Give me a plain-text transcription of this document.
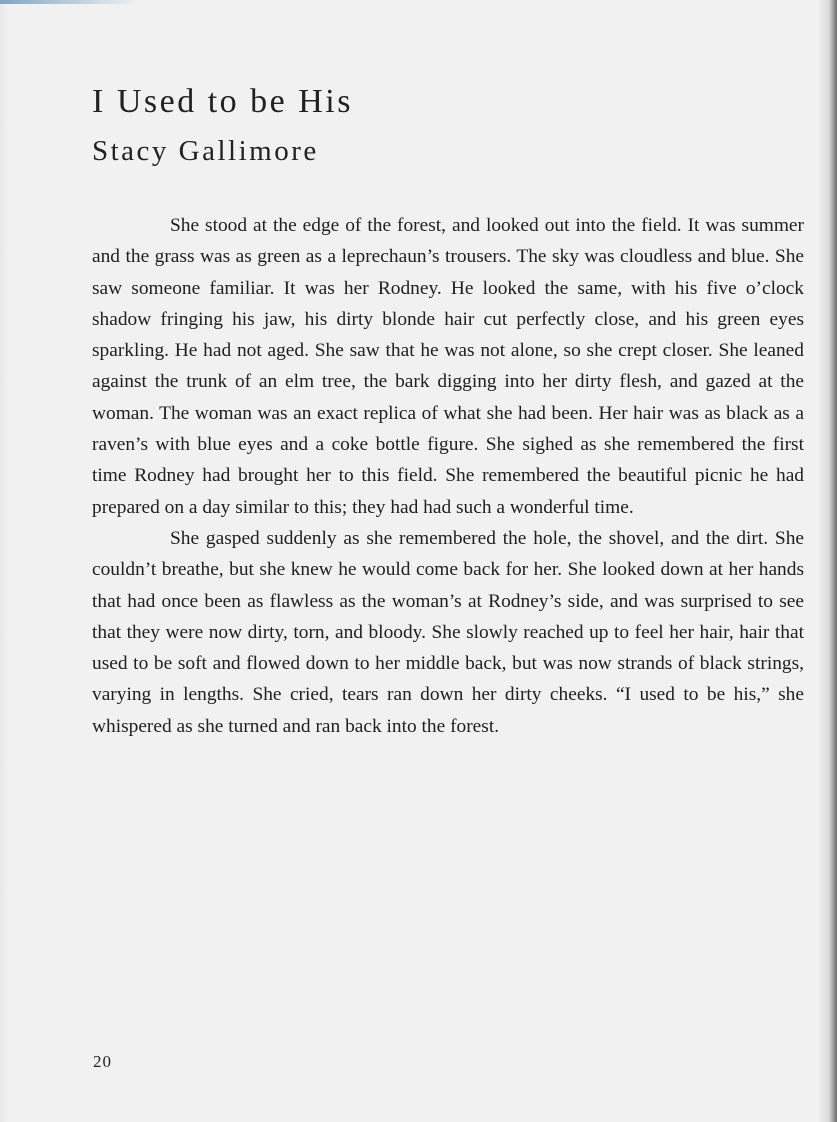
I Used to be His
Stacy Gallimore

She stood at the edge of the forest, and looked out into the field. It was summer and the grass was as green as a leprechaun’s trousers. The sky was cloudless and blue. She saw someone familiar. It was her Rodney. He looked the same, with his five o’clock shadow fringing his jaw, his dirty blonde hair cut perfectly close, and his green eyes sparkling. He had not aged. She saw that he was not alone, so she crept closer. She leaned against the trunk of an elm tree, the bark digging into her dirty flesh, and gazed at the woman. The woman was an exact replica of what she had been. Her hair was as black as a raven’s with blue eyes and a coke bottle figure. She sighed as she remembered the first time Rodney had brought her to this field. She remembered the beautiful picnic he had prepared on a day similar to this; they had had such a wonderful time.

She gasped suddenly as she remembered the hole, the shovel, and the dirt. She couldn’t breathe, but she knew he would come back for her. She looked down at her hands that had once been as flawless as the woman’s at Rodney’s side, and was surprised to see that they were now dirty, torn, and bloody. She slowly reached up to feel her hair, hair that used to be soft and flowed down to her middle back, but was now strands of black strings, varying in lengths. She cried, tears ran down her dirty cheeks. “I used to be his,” she whispered as she turned and ran back into the forest.

20
